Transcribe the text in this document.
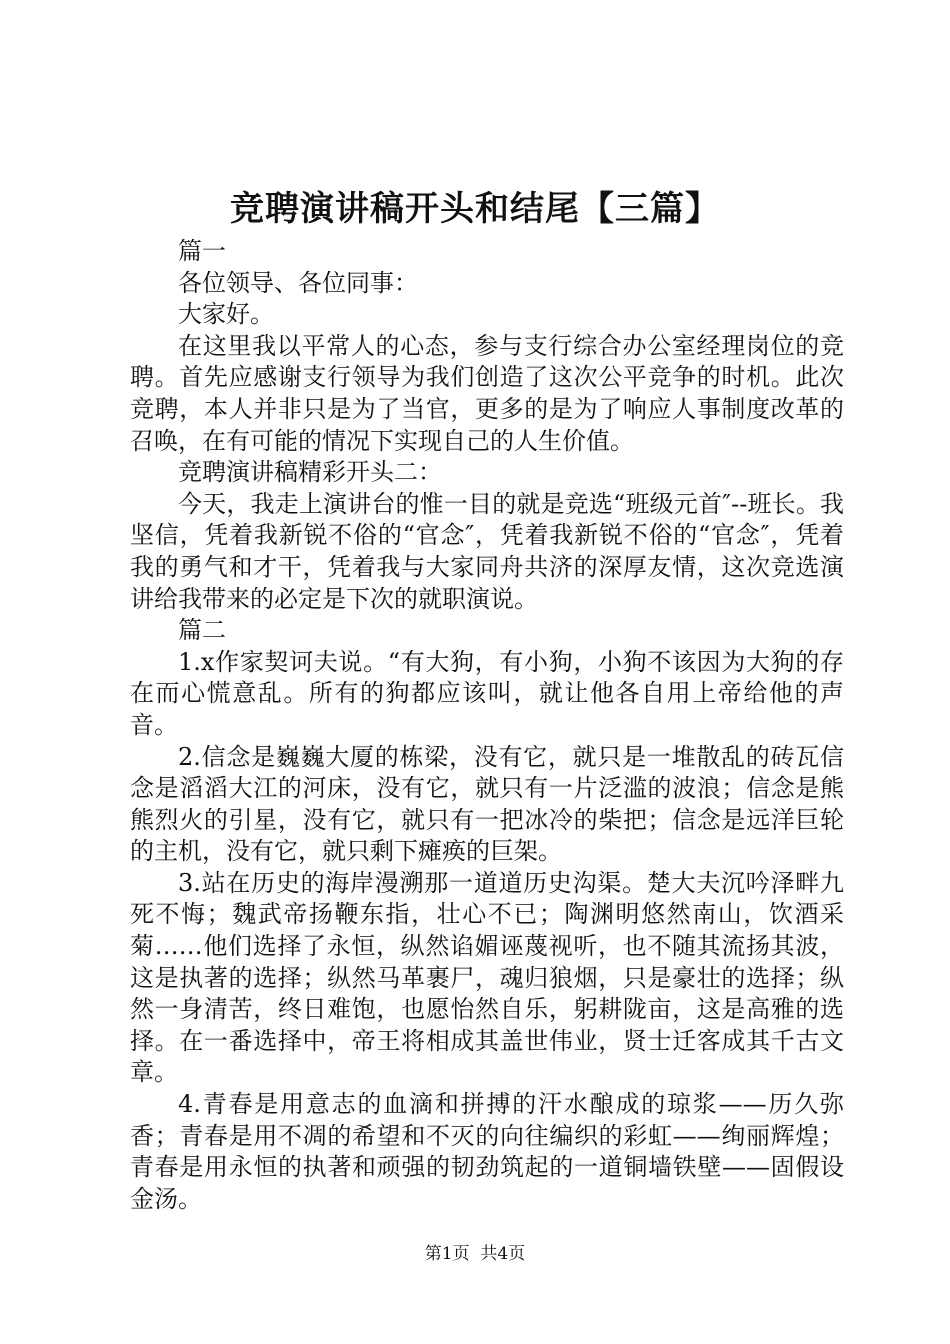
竞聘演讲稿开头和结尾【三篇】

篇一

各位领导、各位同事：

大家好。

在这里我以平常人的心态，参与支行综合办公室经理岗位的竞聘。首先应感谢支行领导为我们创造了这次公平竞争的时机。此次竞聘，本人并非只是为了当官，更多的是为了响应人事制度改革的召唤，在有可能的情况下实现自己的人生价值。

竞聘演讲稿精彩开头二：

今天，我走上演讲台的惟一目的就是竞选“班级元首″--班长。我坚信，凭着我新锐不俗的“官念″，凭着我新锐不俗的“官念″，凭着我的勇气和才干，凭着我与大家同舟共济的深厚友情，这次竞选演讲给我带来的必定是下次的就职演说。

篇二

1.x作家契诃夫说。“有大狗，有小狗，小狗不该因为大狗的存在而心慌意乱。所有的狗都应该叫，就让他各自用上帝给他的声音。

2.信念是巍巍大厦的栋梁，没有它，就只是一堆散乱的砖瓦信念是滔滔大江的河床，没有它，就只有一片泛滥的波浪；信念是熊熊烈火的引星，没有它，就只有一把冰冷的柴把；信念是远洋巨轮的主机，没有它，就只剩下瘫痪的巨架。

3.站在历史的海岸漫溯那一道道历史沟渠。楚大夫沉吟泽畔九死不悔；魏武帝扬鞭东指，壮心不已；陶渊明悠然南山，饮酒采菊……他们选择了永恒，纵然谄媚诬蔑视听，也不随其流扬其波，这是执著的选择；纵然马革裹尸，魂归狼烟，只是豪壮的选择；纵然一身清苦，终日难饱，也愿怡然自乐，躬耕陇亩，这是高雅的选择。在一番选择中，帝王将相成其盖世伟业，贤士迁客成其千古文章。

4.青春是用意志的血滴和拼搏的汗水酿成的琼浆——历久弥香；青春是用不凋的希望和不灭的向往编织的彩虹——绚丽辉煌；青春是用永恒的执著和顽强的韧劲筑起的一道铜墙铁壁——固假设金汤。

第1页 共4页
